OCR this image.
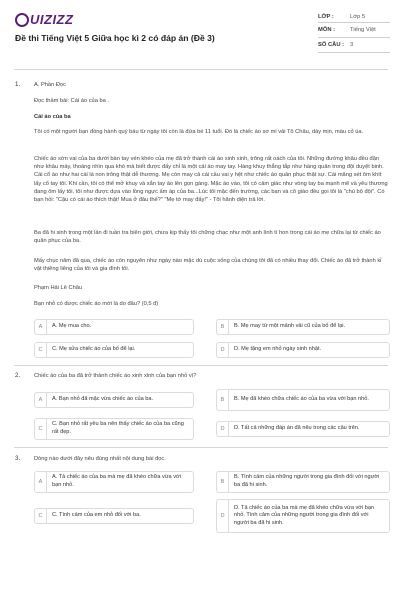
UIZIZZ
Đề thi Tiếng Việt 5 Giữa học kì 2 có đáp án (Đề 3)
LỚP :	Lớp 5
MÔN :	Tiếng Việt
SỐ CÂU :	3
1. A. Phần Đọc
Đọc thầm bài: Cái áo của ba .
Cái áo của ba

Tôi có một người bạn đồng hành quý báu từ ngày tôi còn là đứa bé 11 tuổi. Đó là chiếc áo sơ mi vải Tô Châu, dày mịn, màu cỏ úa.

Chiếc áo sờn vai của ba dưới bàn tay vén khéo của mẹ đã trở thành cái áo xinh xinh, trông rất oách của tôi. Những đường khâu đều đặn như khâu máy, thoáng nhìn qua khó mà biết được đấy chỉ là một cái áo may tay. Hàng khuy thẳng tắp như hàng quân trong đội duyệt binh. Cái cổ áo như hai cái lá non trông thật dễ thương. Mẹ còn may cả cái cầu vai y hệt như chiếc áo quân phục thật sự. Cái măng sét ôm khít lấy cổ tay tôi. Khi cần, tôi có thể mở khuy và xắn tay áo lên gọn gàng. Mặc áo vào, tôi có cảm giác như vòng tay ba mạnh mẽ và yêu thương đang ôm lấy tôi, tôi như được dựa vào lồng ngực ấm áp của ba...Lúc tôi mặc đến trường, các bạn và cô giáo đều gọi tôi là "chú bộ đội". Có bạn hỏi: "Cậu có cái áo thích thật! Mua ở đâu thế?" "Mẹ tớ may đấy!" - Tôi hãnh diện trả lời.

Ba đã hi sinh trong một lần đi tuần tra biên giới, chưa kịp thấy tôi chững chạc như một anh lính tí hon trong cái áo mẹ chữa lại từ chiếc áo quân phục của ba.

Mấy chục năm đã qua, chiếc áo còn nguyên như ngày nào mặc dù cuộc sống của chúng tôi đã có nhiều thay đổi. Chiếc áo đã trở thành kỉ vật thiêng liêng của tôi và gia đình tôi.

Phạm Hải Lê Châu
Bạn nhỏ có được chiếc áo mới là do đâu? (0,5 đ)
A	A. Mẹ mua cho.	B	B. Mẹ may từ một mảnh vải cũ của bố để lại.
C	C. Mẹ sửa chiếc áo của bố để lại.	D	D. Mẹ tặng em nhỏ ngày sinh nhật.
2. Chiếc áo của ba đã trở thành chiếc áo xinh xinh của bạn nhỏ vì?
A	A. Bạn nhỏ đã mặc vừa chiếc áo của ba.	B	B. Mẹ đã khéo chữa chiếc áo của ba vừa với bạn nhỏ.
C
C. Bạn nhỏ rất yêu ba nên thấy chiếc áo của ba cũng rất đẹp.	D	D. Tất cả những đáp án đã nêu trong các câu trên.
3. Dòng nào dưới đây nêu đúng nhất nội dung bài đọc.
A
A. Tả chiếc áo của ba mà mẹ đã khéo chữa vừa với bạn nhỏ.	B
B. Tình cảm của những người trong gia đình đối với người ba đã hi sinh.
C	C. Tình cảm của em nhỏ đối với ba.	D
D. Tả chiếc áo của ba mà mẹ đã khéo chữa vừa với bạn nhỏ. Tình cảm của những người trong gia đình đối với người ba đã hi sinh.
